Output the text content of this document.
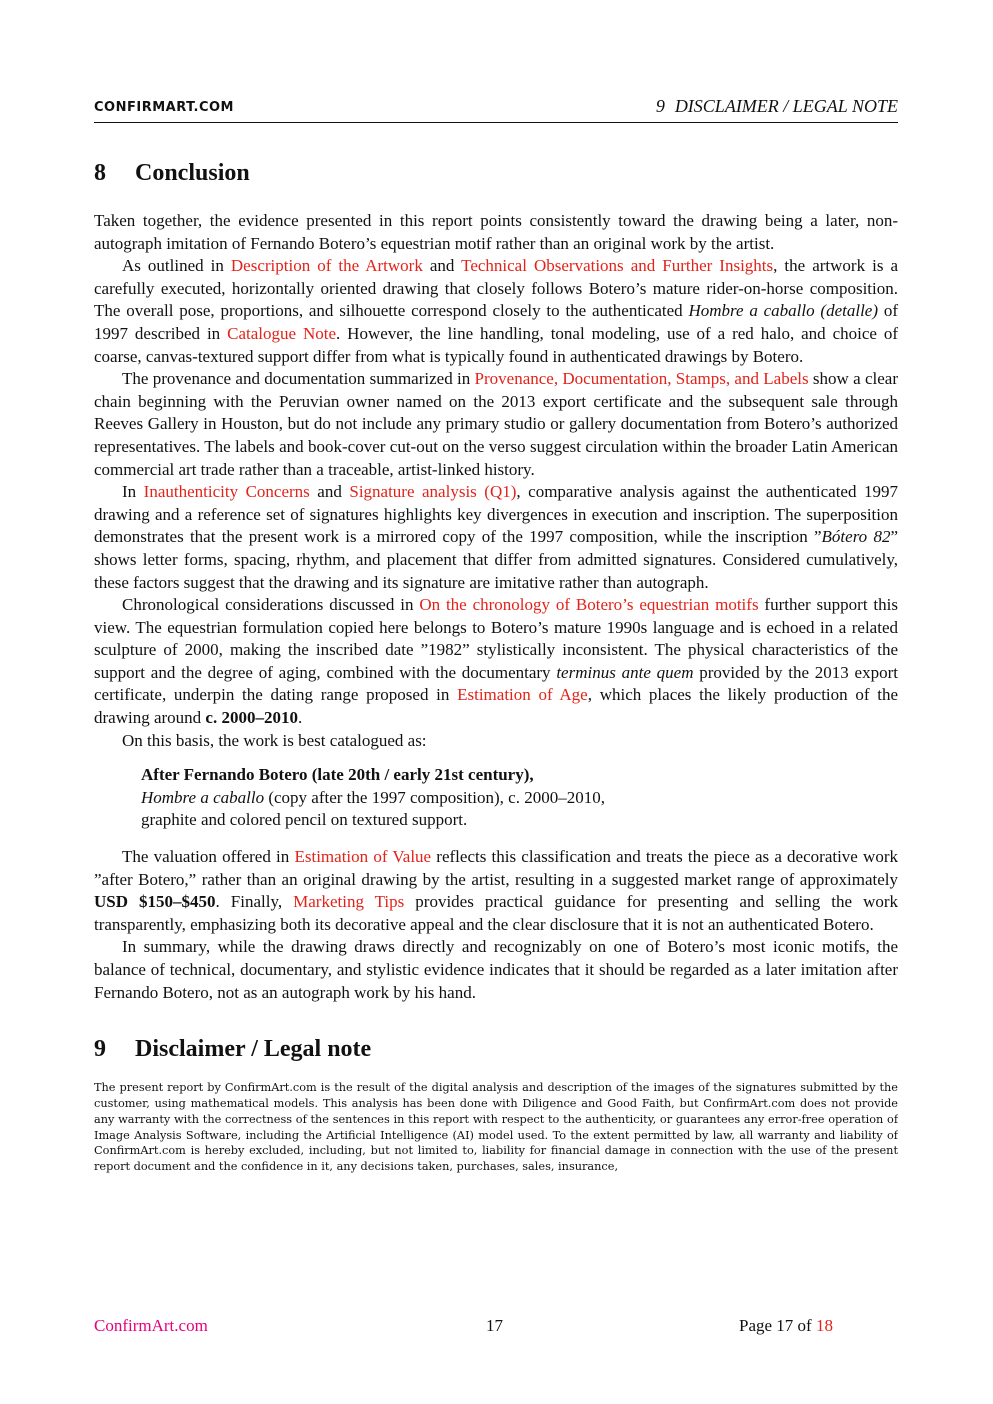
CONFIRMART.COM	9 DISCLAIMER / LEGAL NOTE
8 Conclusion

Taken together, the evidence presented in this report points consistently toward the drawing being a later, non-autograph imitation of Fernando Botero’s equestrian motif rather than an original work by the artist.

As outlined in Description of the Artwork and Technical Observations and Further Insights, the artwork is a carefully executed, horizontally oriented drawing that closely follows Botero’s mature rider-on-horse composition. The overall pose, proportions, and silhouette correspond closely to the authenticated Hombre a caballo (detalle) of 1997 described in Catalogue Note. However, the line handling, tonal modeling, use of a red halo, and choice of coarse, canvas-textured support differ from what is typically found in authenticated drawings by Botero.

The provenance and documentation summarized in Provenance, Documentation, Stamps, and Labels show a clear chain beginning with the Peruvian owner named on the 2013 export certificate and the subsequent sale through Reeves Gallery in Houston, but do not include any primary studio or gallery documentation from Botero’s authorized representatives. The labels and book-cover cut-out on the verso suggest circulation within the broader Latin American commercial art trade rather than a traceable, artist-linked history.

In Inauthenticity Concerns and Signature analysis (Q1), comparative analysis against the authenticated 1997 drawing and a reference set of signatures highlights key divergences in execution and inscription. The superposition demonstrates that the present work is a mirrored copy of the 1997 composition, while the inscription ”Bótero 82” shows letter forms, spacing, rhythm, and placement that differ from admitted signatures. Considered cumulatively, these factors suggest that the drawing and its signature are imitative rather than autograph.

Chronological considerations discussed in On the chronology of Botero’s equestrian motifs further support this view. The equestrian formulation copied here belongs to Botero’s mature 1990s language and is echoed in a related sculpture of 2000, making the inscribed date ”1982” stylistically inconsistent. The physical characteristics of the support and the degree of aging, combined with the documentary terminus ante quem provided by the 2013 export certificate, underpin the dating range proposed in Estimation of Age, which places the likely production of the drawing around c. 2000–2010.

On this basis, the work is best catalogued as:

After Fernando Botero (late 20th / early 21st century),
Hombre a caballo (copy after the 1997 composition), c. 2000–2010,
graphite and colored pencil on textured support.

The valuation offered in Estimation of Value reflects this classification and treats the piece as a decorative work ”after Botero,” rather than an original drawing by the artist, resulting in a suggested market range of approximately USD $150–$450. Finally, Marketing Tips provides practical guidance for presenting and selling the work transparently, emphasizing both its decorative appeal and the clear disclosure that it is not an authenticated Botero.

In summary, while the drawing draws directly and recognizably on one of Botero’s most iconic motifs, the balance of technical, documentary, and stylistic evidence indicates that it should be regarded as a later imitation after Fernando Botero, not as an autograph work by his hand.

9 Disclaimer / Legal note

The present report by ConfirmArt.com is the result of the digital analysis and description of the images of the signatures submitted by the customer, using mathematical models. This analysis has been done with Diligence and Good Faith, but ConfirmArt.com does not provide any warranty with the correctness of the sentences in this report with respect to the authenticity, or guarantees any error-free operation of Image Analysis Software, including the Artificial Intelligence (AI) model used. To the extent permitted by law, all warranty and liability of ConfirmArt.com is hereby excluded, including, but not limited to, liability for financial damage in connection with the use of the present report document and the confidence in it, any decisions taken, purchases, sales, insurance,

ConfirmArt.com	17	Page 17 of 18
